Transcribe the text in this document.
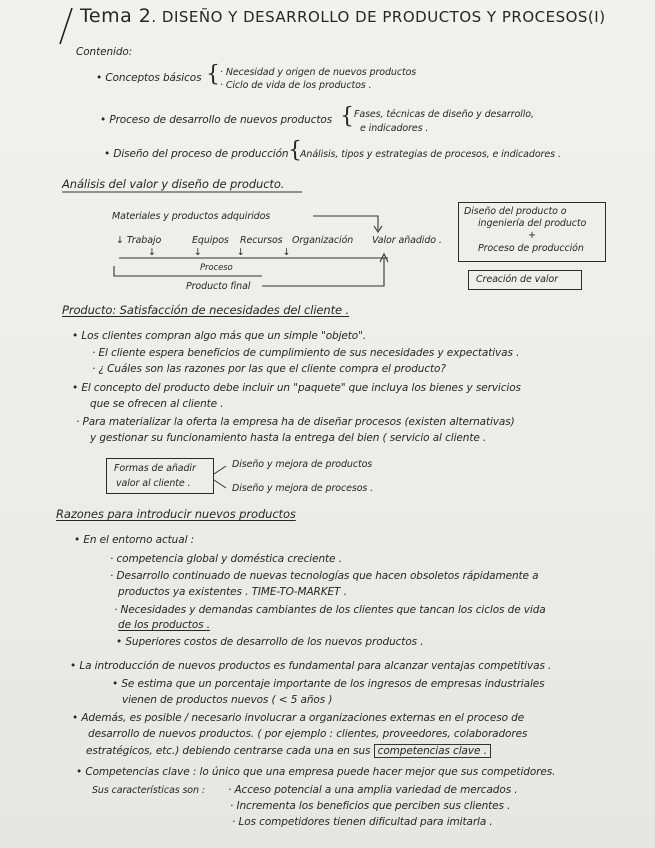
Tema 2. DISEÑO Y DESARROLLO DE PRODUCTOS Y PROCESOS(I)
Contenido:
• Conceptos básicos { · Necesidad y origen de nuevos productos
· Ciclo de vida de los productos .
• Proceso de desarrollo de nuevos productos { Fases, técnicas de diseño y desarrollo,
e indicadores .
• Diseño del proceso de producción {
Análisis, tipos y estrategias de procesos, e indicadores .
Análisis del valor y diseño de producto.
Materiales y productos adquiridos
↓ Trabajo	Equipos Recursos Organización
↓             ↓            ↓             ↓
Valor añadido .
Proceso
Producto final
Diseño del producto o
ingeniería del producto
+
Proceso de producción
Creación de valor
Producto: Satisfacción de necesidades del cliente .
• Los clientes compran algo más que un simple "objeto".
· El cliente espera beneficios de cumplimiento de sus necesidades y expectativas .
· ¿ Cuáles son las razones por las que el cliente compra el producto?
• El concepto del producto debe incluir un "paquete" que incluya los bienes y servicios
que se ofrecen al cliente .
· Para materializar la oferta la empresa ha de diseñar procesos (existen alternativas)
y gestionar su funcionamiento hasta la entrega del bien ( servicio al cliente .
Formas de añadir
valor al cliente .
Diseño y mejora de productos
Diseño y mejora de procesos .
Razones para introducir nuevos productos
• En el entorno actual :
· competencia global y doméstica creciente .
· Desarrollo continuado de nuevas tecnologías que hacen obsoletos rápidamente a
productos ya existentes . TIME-TO-MARKET .
· Necesidades y demandas cambiantes de los clientes que tancan los ciclos de vida
de los productos .
• Superiores costos de desarrollo de los nuevos productos .
• La introducción de nuevos productos es fundamental para alcanzar ventajas competitivas .
• Se estima que un porcentaje importante de los ingresos de empresas industriales
vienen de productos nuevos ( < 5 años )
• Además, es posible / necesario involucrar a organizaciones externas en el proceso de
desarrollo de nuevos productos. ( por ejemplo : clientes, proveedores, colaboradores
estratégicos, etc.) debiendo centrarse cada una en sus competencias clave .
• Competencias clave : lo único que una empresa puede hacer mejor que sus competidores.
Sus características son : · Acceso potencial a una amplia variedad de mercados .
· Incrementa los beneficios que perciben sus clientes .
· Los competidores tienen dificultad para imitarla .
